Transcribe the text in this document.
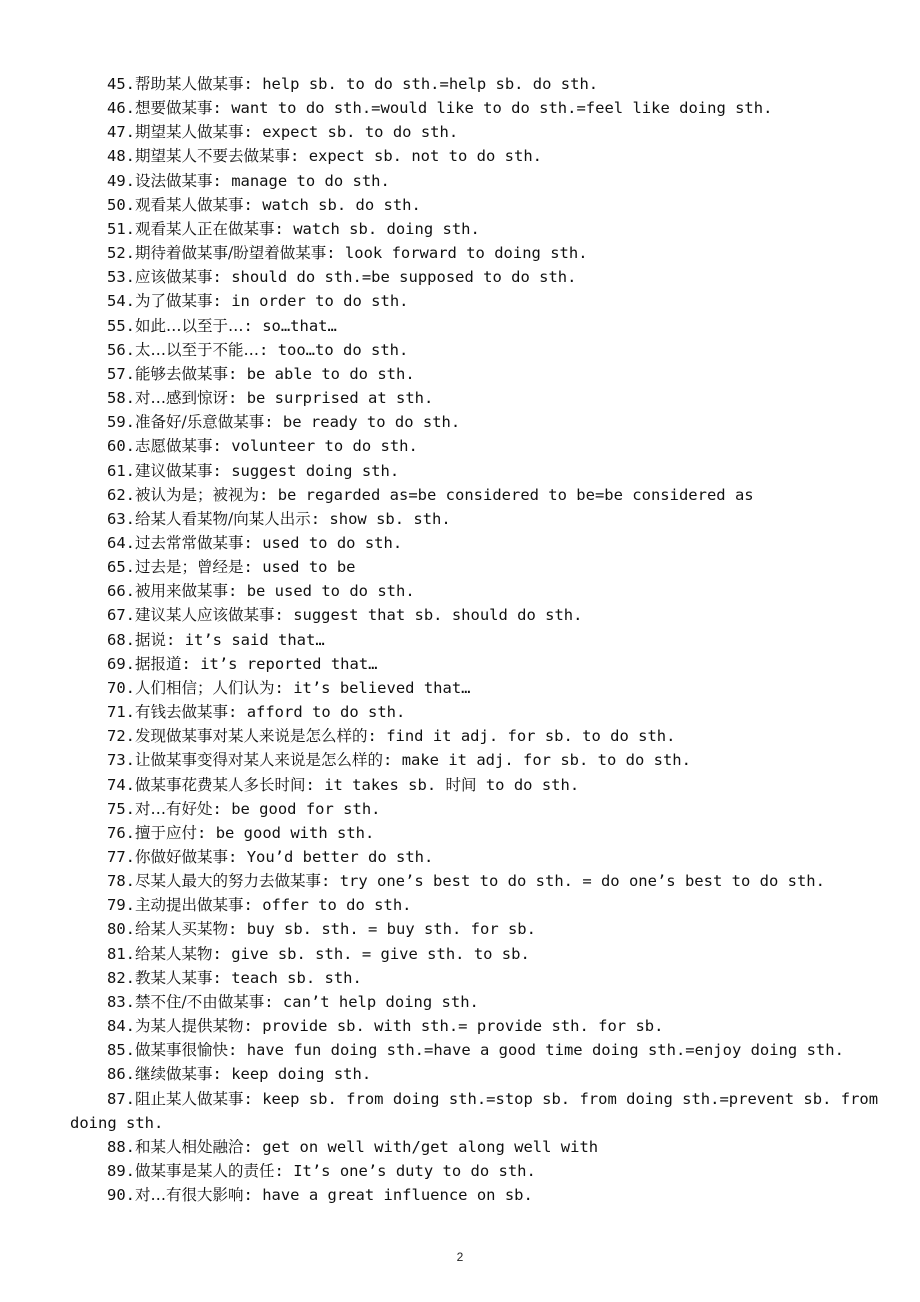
45.帮助某人做某事: help sb. to do sth.=help sb. do sth.
46.想要做某事: want to do sth.=would like to do sth.=feel like doing sth.
47.期望某人做某事: expect sb. to do sth.
48.期望某人不要去做某事: expect sb. not to do sth.
49.设法做某事: manage to do sth.
50.观看某人做某事: watch sb. do sth.
51.观看某人正在做某事: watch sb. doing sth.
52.期待着做某事/盼望着做某事: look forward to doing sth.
53.应该做某事: should do sth.=be supposed to do sth.
54.为了做某事: in order to do sth.
55.如此…以至于…: so…that…
56.太…以至于不能…: too…to do sth.
57.能够去做某事: be able to do sth.
58.对…感到惊讶: be surprised at sth.
59.准备好/乐意做某事: be ready to do sth.
60.志愿做某事: volunteer to do sth.
61.建议做某事: suggest doing sth.
62.被认为是；被视为: be regarded as=be considered to be=be considered as
63.给某人看某物/向某人出示: show sb. sth.
64.过去常常做某事: used to do sth.
65.过去是；曾经是: used to be
66.被用来做某事: be used to do sth.
67.建议某人应该做某事: suggest that sb. should do sth.
68.据说: it’s said that…
69.据报道: it’s reported that…
70.人们相信；人们认为: it’s believed that…
71.有钱去做某事: afford to do sth.
72.发现做某事对某人来说是怎么样的: find it adj. for sb. to do sth.
73.让做某事变得对某人来说是怎么样的: make it adj. for sb. to do sth.
74.做某事花费某人多长时间: it takes sb. 时间 to do sth.
75.对…有好处: be good for sth.
76.擅于应付: be good with sth.
77.你做好做某事: You’d better do sth.
78.尽某人最大的努力去做某事: try one’s best to do sth. = do one’s best to do sth.
79.主动提出做某事: offer to do sth.
80.给某人买某物: buy sb. sth. = buy sth. for sb.
81.给某人某物: give sb. sth. = give sth. to sb.
82.教某人某事: teach sb. sth.
83.禁不住/不由做某事: can’t help doing sth.
84.为某人提供某物: provide sb. with sth.= provide sth. for sb.
85.做某事很愉快: have fun doing sth.=have a good time doing sth.=enjoy doing sth.
86.继续做某事: keep doing sth.
87.阻止某人做某事: keep sb. from doing sth.=stop sb. from doing sth.=prevent sb. from doing sth.
88.和某人相处融洽: get on well with/get along well with
89.做某事是某人的责任: It’s one’s duty to do sth.
90.对…有很大影响: have a great influence on sb.
2
